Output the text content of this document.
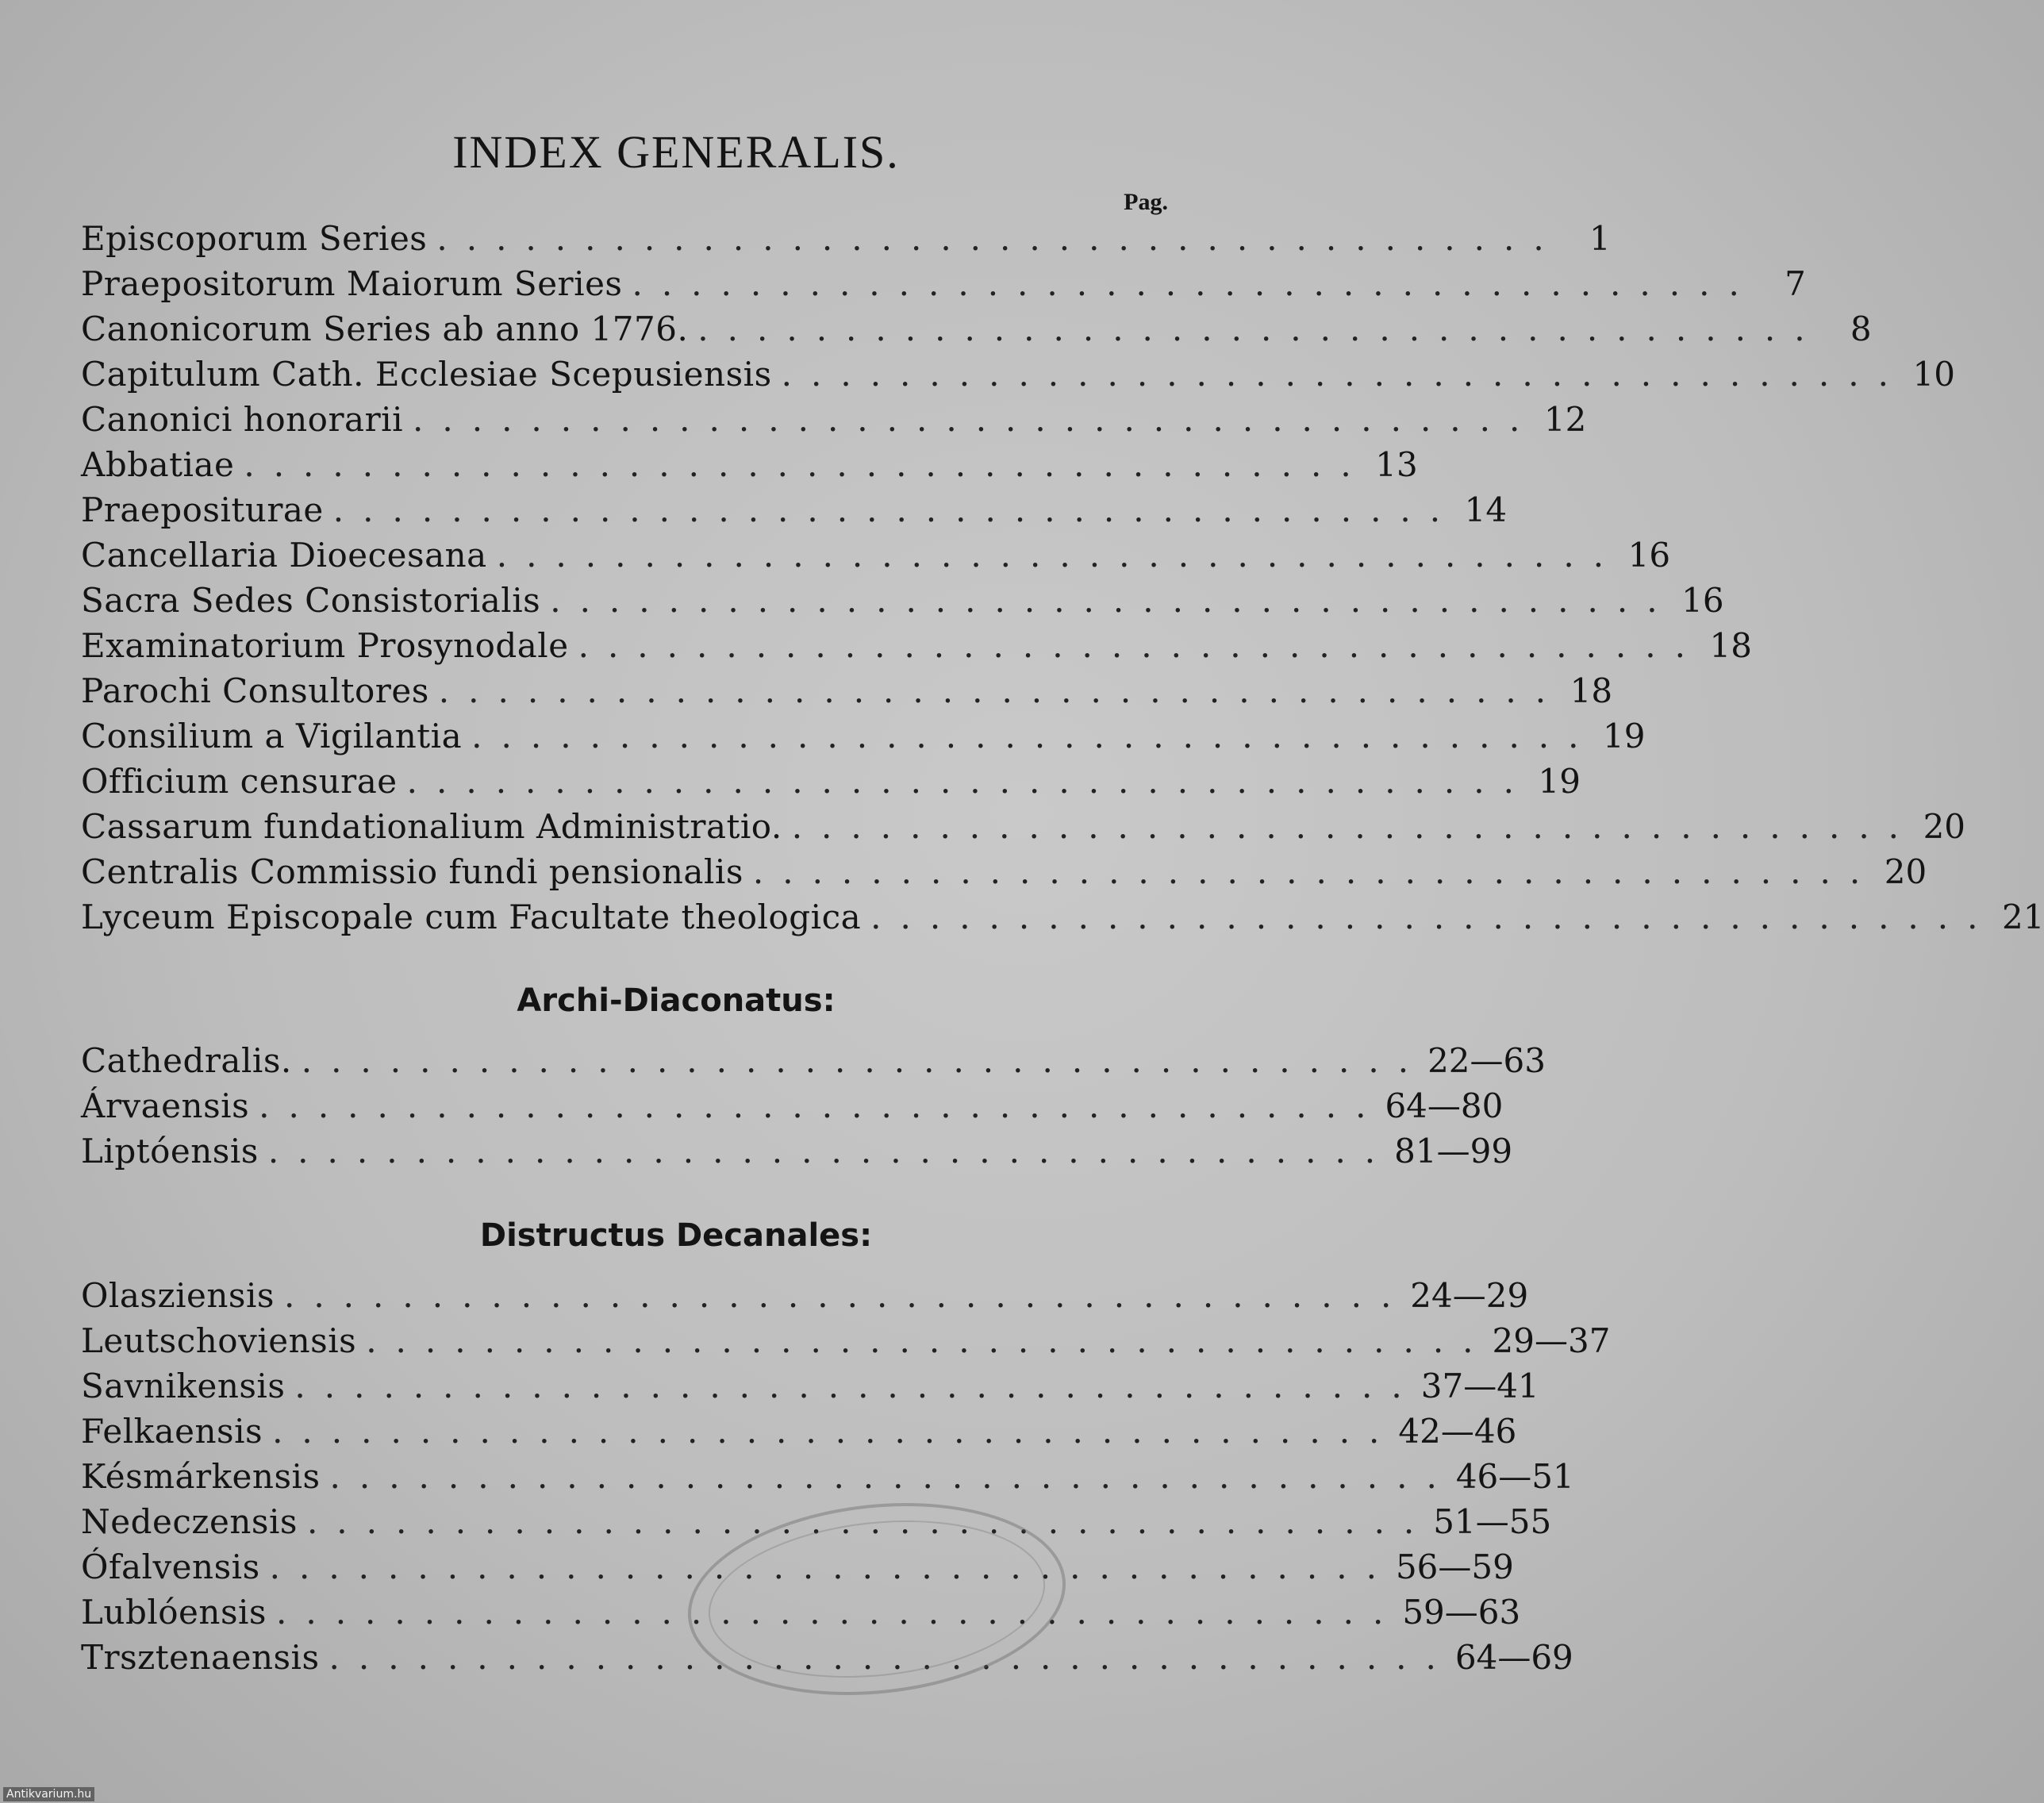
INDEX GENERALIS.
Pag.
Episcoporum Series ...................................... 1
Praepositorum Maiorum Series ...................................... 7
Canonicorum Series ab anno 1776. ...................................... 8
Capitulum Cath. Ecclesiae Scepusiensis ...................................... 10
Canonici honorarii ...................................... 12
Abbatiae ...................................... 13
Praepositurae ...................................... 14
Cancellaria Dioecesana ...................................... 16
Sacra Sedes Consistorialis ...................................... 16
Examinatorium Prosynodale ...................................... 18
Parochi Consultores ...................................... 18
Consilium a Vigilantia ...................................... 19
Officium censurae ...................................... 19
Cassarum fundationalium Administratio. ...................................... 20
Centralis Commissio fundi pensionalis ...................................... 20
Lyceum Episcopale cum Facultate theologica ...................................... 21
Archi-Diaconatus:
Cathedralis. ...................................... 22—63
Árvaensis ...................................... 64—80
Liptóensis ...................................... 81—99
Distructus Decanales:
Olasziensis ...................................... 24—29
Leutschoviensis ...................................... 29—37
Savnikensis ...................................... 37—41
Felkaensis ...................................... 42—46
Késmárkensis ...................................... 46—51
Nedeczensis ...................................... 51—55
Ófalvensis ...................................... 56—59
Lublóensis ...................................... 59—63
Trsztenaensis ...................................... 64—69
Antikvarium.hu
